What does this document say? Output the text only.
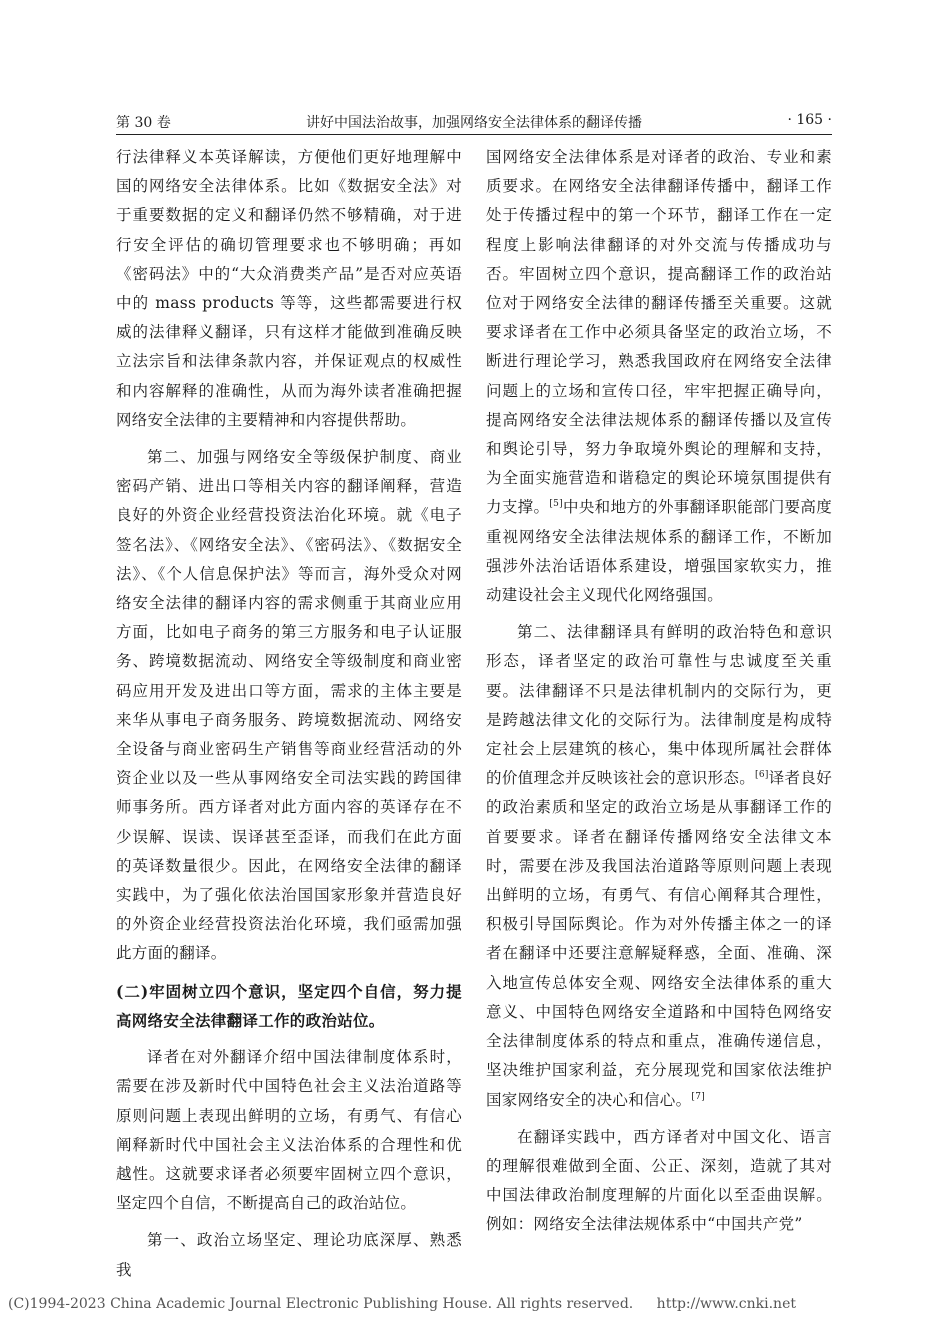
第 30 卷	讲好中国法治故事，加强网络安全法律体系的翻译传播	· 165 ·

行法律释义本英译解读，方便他们更好地理解中国的网络安全法律体系。比如《数据安全法》对于重要数据的定义和翻译仍然不够精确，对于进行安全评估的确切管理要求也不够明确；再如《密码法》中的“大众消费类产品”是否对应英语中的 mass products 等等，这些都需要进行权威的法律释义翻译，只有这样才能做到准确反映立法宗旨和法律条款内容，并保证观点的权威性和内容解释的准确性，从而为海外读者准确把握网络安全法律的主要精神和内容提供帮助。

第二、加强与网络安全等级保护制度、商业密码产销、进出口等相关内容的翻译阐释，营造良好的外资企业经营投资法治化环境。就《电子签名法》、《网络安全法》、《密码法》、《数据安全法》、《个人信息保护法》等而言，海外受众对网络安全法律的翻译内容的需求侧重于其商业应用方面，比如电子商务的第三方服务和电子认证服务、跨境数据流动、网络安全等级制度和商业密码应用开发及进出口等方面，需求的主体主要是来华从事电子商务服务、跨境数据流动、网络安全设备与商业密码生产销售等商业经营活动的外资企业以及一些从事网络安全司法实践的跨国律师事务所。西方译者对此方面内容的英译存在不少误解、误读、误译甚至歪译，而我们在此方面的英译数量很少。因此，在网络安全法律的翻译实践中，为了强化依法治国国家形象并营造良好的外资企业经营投资法治化环境，我们亟需加强此方面的翻译。

(二)牢固树立四个意识，坚定四个自信，努力提高网络安全法律翻译工作的政治站位。

译者在对外翻译介绍中国法律制度体系时，需要在涉及新时代中国特色社会主义法治道路等原则问题上表现出鲜明的立场，有勇气、有信心阐释新时代中国社会主义法治体系的合理性和优越性。这就要求译者必须要牢固树立四个意识，坚定四个自信，不断提高自己的政治站位。

第一、政治立场坚定、理论功底深厚、熟悉我

国网络安全法律体系是对译者的政治、专业和素质要求。在网络安全法律翻译传播中，翻译工作处于传播过程中的第一个环节，翻译工作在一定程度上影响法律翻译的对外交流与传播成功与否。牢固树立四个意识，提高翻译工作的政治站位对于网络安全法律的翻译传播至关重要。这就要求译者在工作中必须具备坚定的政治立场，不断进行理论学习，熟悉我国政府在网络安全法律问题上的立场和宣传口径，牢牢把握正确导向，提高网络安全法律法规体系的翻译传播以及宣传和舆论引导，努力争取境外舆论的理解和支持，为全面实施营造和谐稳定的舆论环境氛围提供有力支撑。[5]中央和地方的外事翻译职能部门要高度重视网络安全法律法规体系的翻译工作，不断加强涉外法治话语体系建设，增强国家软实力，推动建设社会主义现代化网络强国。

第二、法律翻译具有鲜明的政治特色和意识形态，译者坚定的政治可靠性与忠诚度至关重要。法律翻译不只是法律机制内的交际行为，更是跨越法律文化的交际行为。法律制度是构成特定社会上层建筑的核心，集中体现所属社会群体的价值理念并反映该社会的意识形态。[6]译者良好的政治素质和坚定的政治立场是从事翻译工作的首要要求。译者在翻译传播网络安全法律文本时，需要在涉及我国法治道路等原则问题上表现出鲜明的立场，有勇气、有信心阐释其合理性，积极引导国际舆论。作为对外传播主体之一的译者在翻译中还要注意解疑释惑，全面、准确、深入地宣传总体安全观、网络安全法律体系的重大意义、中国特色网络安全道路和中国特色网络安全法律制度体系的特点和重点，准确传递信息，坚决维护国家利益，充分展现党和国家依法维护国家网络安全的决心和信心。[7]

在翻译实践中，西方译者对中国文化、语言的理解很难做到全面、公正、深刻，造就了其对中国法律政治制度理解的片面化以至歪曲误解。例如：网络安全法律法规体系中“中国共产党”

(C)1994-2023 China Academic Journal Electronic Publishing House. All rights reserved. http://www.cnki.net
